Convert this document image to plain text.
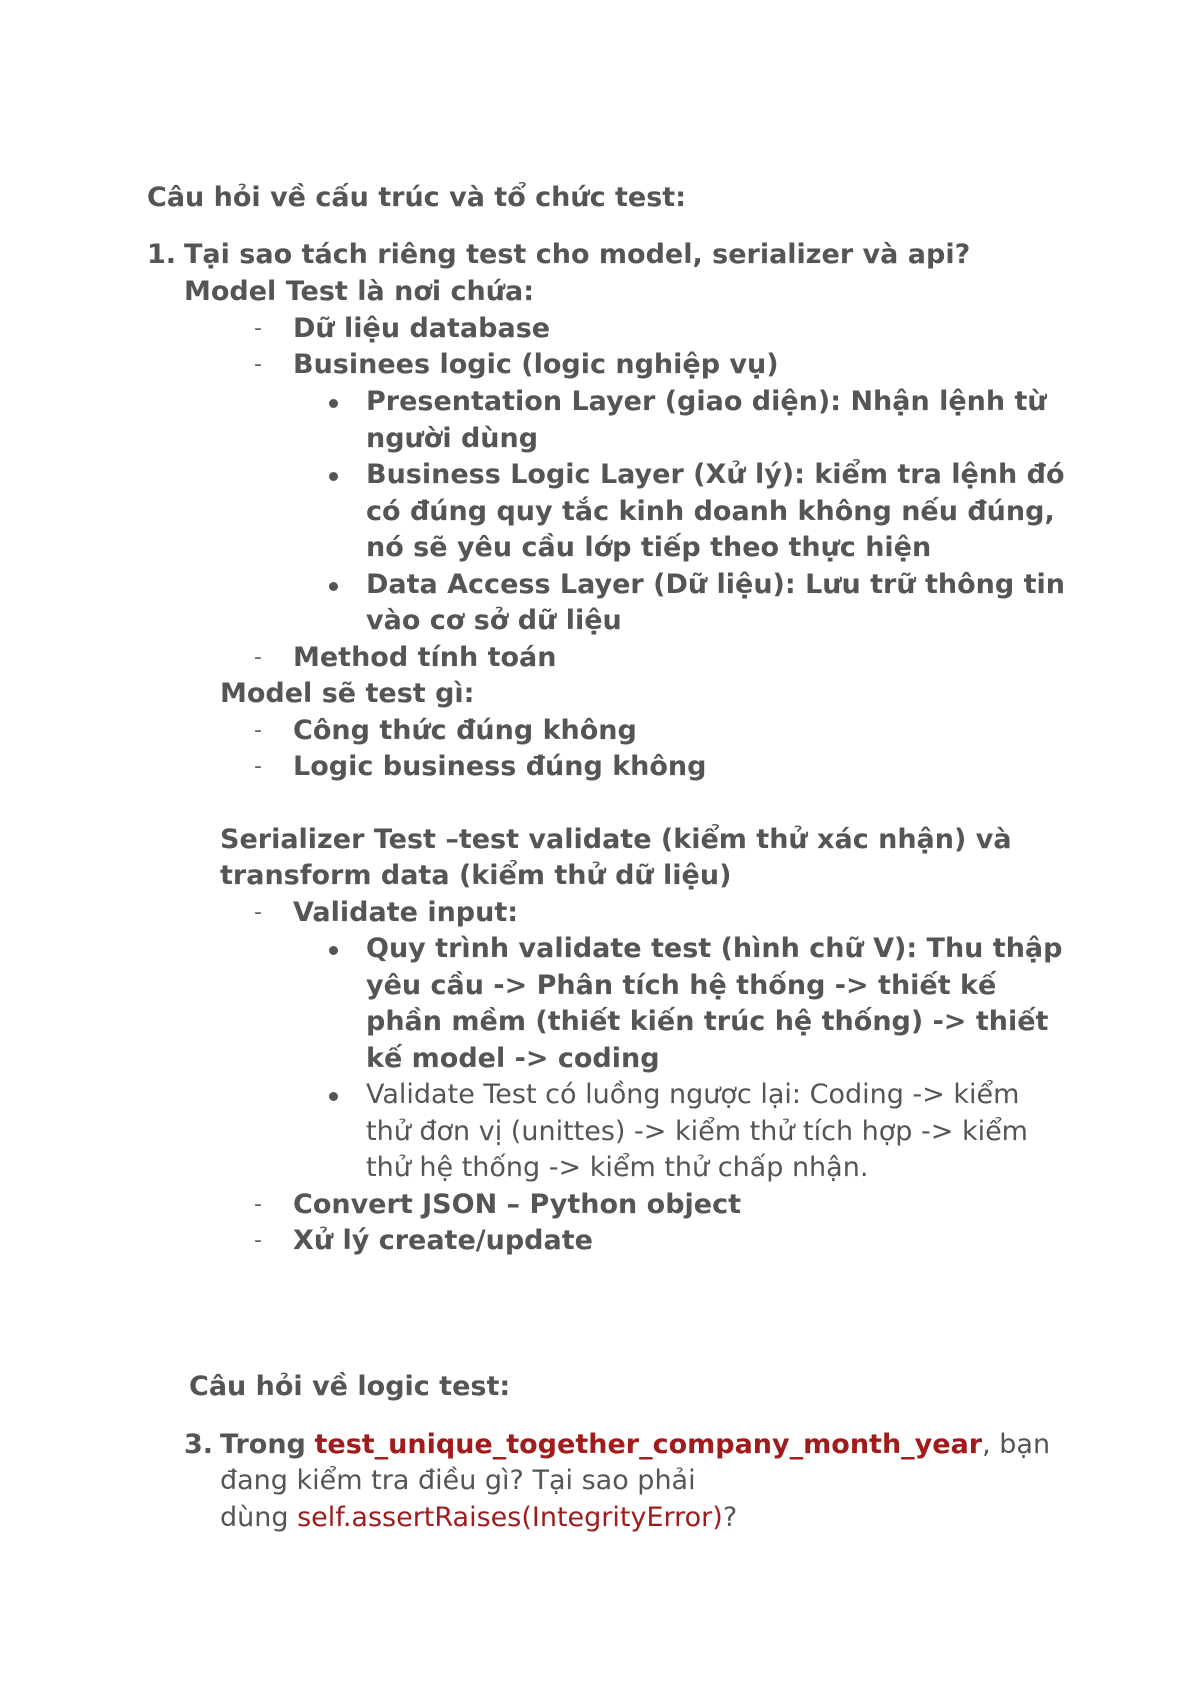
Câu hỏi về cấu trúc và tổ chức test:
1. Tại sao tách riêng test cho model, serializer và api?
Model Test là nơi chứa:
- Dữ liệu database
- Businees logic (logic nghiệp vụ)
Presentation Layer (giao diện): Nhận lệnh từ
người dùng
Business Logic Layer (Xử lý): kiểm tra lệnh đó
có đúng quy tắc kinh doanh không nếu đúng,
nó sẽ yêu cầu lớp tiếp theo thực hiện
Data Access Layer (Dữ liệu): Lưu trữ thông tin
vào cơ sở dữ liệu
- Method tính toán
Model sẽ test gì:
- Công thức đúng không
- Logic business đúng không
Serializer Test –test validate (kiểm thử xác nhận) và
transform data (kiểm thử dữ liệu)
- Validate input:
Quy trình validate test (hình chữ V): Thu thập
yêu cầu -> Phân tích hệ thống -> thiết kế
phần mềm (thiết kiến trúc hệ thống) -> thiết
kế model -> coding
Validate Test có luồng ngược lại: Coding -> kiểm
thử đơn vị (unittes) -> kiểm thử tích hợp -> kiểm
thử hệ thống -> kiểm thử chấp nhận.
- Convert JSON – Python object
- Xử lý create/update
Câu hỏi về logic test:
3. Trong test_unique_together_company_month_year, bạn
đang kiểm tra điều gì? Tại sao phải
dùng self.assertRaises(IntegrityError)?
